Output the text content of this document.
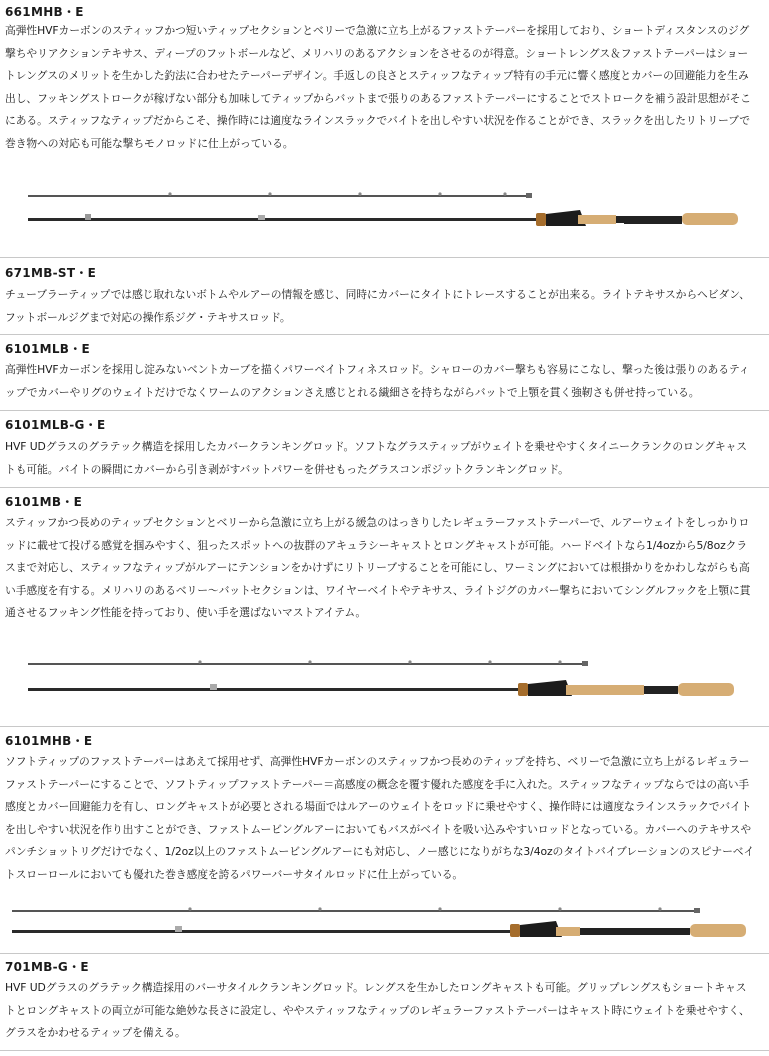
661MHB・E
高弾性HVFカーボンのスティッフかつ短いティップセクションとベリーで急激に立ち上がるファストテーパーを採用しており、ショートディスタンスのジグ撃ちやリアクションテキサス、ディープのフットボールなど、メリハリのあるアクションをさせるのが得意。ショートレングス＆ファストテーパーはショートレングスのメリットを生かした釣法に合わせたテーパーデザイン。手返しの良さとスティッフなティップ特有の手元に響く感度とカバーの回避能力を生み出し、フッキングストロークが稼げない部分も加味してティップからバットまで張りのあるファストテーパーにすることでストロークを補う設計思想がそこにある。スティッフなティップだからこそ、操作時には適度なラインスラックでバイトを出しやすい状況を作ることができ、スラックを出したリトリーブで巻き物への対応も可能な撃ちモノロッドに仕上がっている。
671MB-ST・E
チューブラーティップでは感じ取れないボトムやルアーの情報を感じ、同時にカバーにタイトにトレースすることが出来る。ライトテキサスからヘビダン、フットボールジグまで対応の操作系ジグ・テキサスロッド。
6101MLB・E
高弾性HVFカーボンを採用し淀みないベントカーブを描くパワーベイトフィネスロッド。シャローのカバー撃ちも容易にこなし、撃った後は張りのあるティップでカバーやリグのウェイトだけでなくワームのアクションさえ感じとれる繊細さを持ちながらバットで上顎を貫く強靭さも併せ持っている。
6101MLB-G・E
HVF UDグラスのグラテック構造を採用したカバークランキングロッド。ソフトなグラスティップがウェイトを乗せやすくタイニークランクのロングキャストも可能。バイトの瞬間にカバーから引き剥がすバットパワーを併せもったグラスコンポジットクランキングロッド。
6101MB・E
スティッフかつ長めのティップセクションとベリーから急激に立ち上がる緩急のはっきりしたレギュラーファストテーパーで、ルアーウェイトをしっかりロッドに載せて投げる感覚を掴みやすく、狙ったスポットへの抜群のアキュラシーキャストとロングキャストが可能。ハードベイトなら1/4ozから5/8ozクラスまで対応し、スティッフなティップがルアーにテンションをかけずにリトリーブすることを可能にし、ワーミングにおいては根掛かりをかわしながらも高い手感度を有する。メリハリのあるベリー～バットセクションは、ワイヤーベイトやテキサス、ライトジグのカバー撃ちにおいてシングルフックを上顎に貫通させるフッキング性能を持っており、使い手を選ばないマストアイテム。
6101MHB・E
ソフトティップのファストテーパーはあえて採用せず、高弾性HVFカーボンのスティッフかつ長めのティップを持ち、ベリーで急激に立ち上がるレギュラーファストテーパーにすることで、ソフトティップファストテーパー＝高感度の概念を覆す優れた感度を手に入れた。スティッフなティップならではの高い手感度とカバー回避能力を有し、ロングキャストが必要とされる場面ではルアーのウェイトをロッドに乗せやすく、操作時には適度なラインスラックでバイトを出しやすい状況を作り出すことができ、ファストムービングルアーにおいてもバスがベイトを吸い込みやすいロッドとなっている。カバーへのテキサスやパンチショットリグだけでなく、1/2oz以上のファストムービングルアーにも対応し、ノー感じになりがちな3/4ozのタイトバイブレーションのスピナーベイトスローロールにおいても優れた巻き感度を誇るパワーバーサタイルロッドに仕上がっている。
701MB-G・E
HVF UDグラスのグラテック構造採用のバーサタイルクランキングロッド。レングスを生かしたロングキャストも可能。グリップレングスもショートキャストとロングキャストの両立が可能な絶妙な長さに設定し、ややスティッフなティップのレギュラーファストテーパーはキャスト時にウェイトを乗せやすく、グラスをかわせるティップを備える。
